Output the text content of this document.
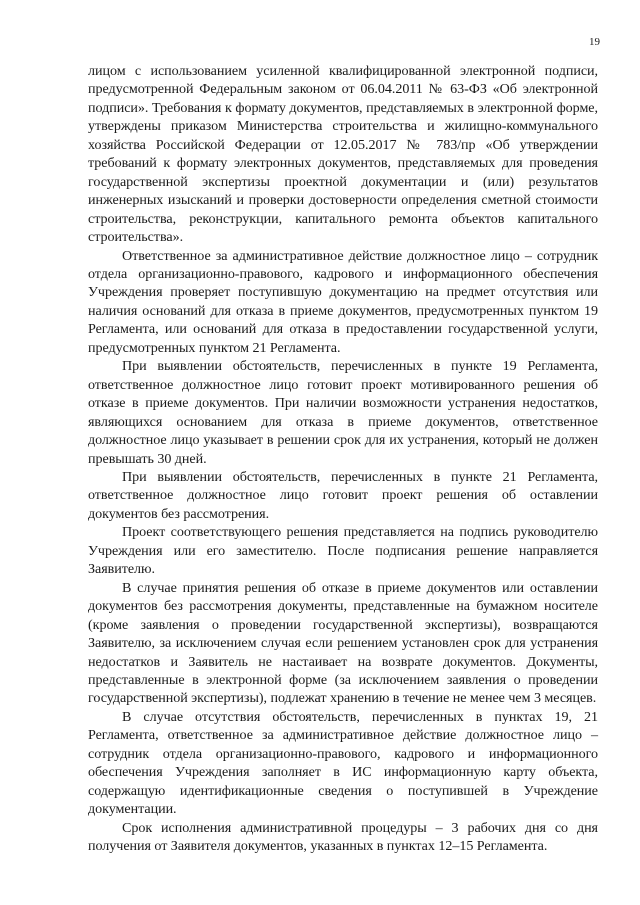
19

лицом с использованием усиленной квалифицированной электронной подписи, предусмотренной Федеральным законом от 06.04.2011 № 63-ФЗ «Об электронной подписи». Требования к формату документов, представляемых в электронной форме, утверждены приказом Министерства строительства и жилищно-коммунального хозяйства Российской Федерации от 12.05.2017 № 783/пр «Об утверждении требований к формату электронных документов, представляемых для проведения государственной экспертизы проектной документации и (или) результатов инженерных изысканий и проверки достоверности определения сметной стоимости строительства, реконструкции, капитального ремонта объектов капитального строительства».

Ответственное за административное действие должностное лицо – сотрудник отдела организационно-правового, кадрового и информационного обеспечения Учреждения проверяет поступившую документацию на предмет отсутствия или наличия оснований для отказа в приеме документов, предусмотренных пунктом 19 Регламента, или оснований для отказа в предоставлении государственной услуги, предусмотренных пунктом 21 Регламента.

При выявлении обстоятельств, перечисленных в пункте 19 Регламента, ответственное должностное лицо готовит проект мотивированного решения об отказе в приеме документов. При наличии возможности устранения недостатков, являющихся основанием для отказа в приеме документов, ответственное должностное лицо указывает в решении срок для их устранения, который не должен превышать 30 дней.

При выявлении обстоятельств, перечисленных в пункте 21 Регламента, ответственное должностное лицо готовит проект решения об оставлении документов без рассмотрения.

Проект соответствующего решения представляется на подпись руководителю Учреждения или его заместителю. После подписания решение направляется Заявителю.

В случае принятия решения об отказе в приеме документов или оставлении документов без рассмотрения документы, представленные на бумажном носителе (кроме заявления о проведении государственной экспертизы), возвращаются Заявителю, за исключением случая если решением установлен срок для устранения недостатков и Заявитель не настаивает на возврате документов. Документы, представленные в электронной форме (за исключением заявления о проведении государственной экспертизы), подлежат хранению в течение не менее чем 3 месяцев.

В случае отсутствия обстоятельств, перечисленных в пунктах 19, 21 Регламента, ответственное за административное действие должностное лицо – сотрудник отдела организационно-правового, кадрового и информационного обеспечения Учреждения заполняет в ИС информационную карту объекта, содержащую идентификационные сведения о поступившей в Учреждение документации.

Срок исполнения административной процедуры – 3 рабочих дня со дня получения от Заявителя документов, указанных в пунктах 12–15 Регламента.
